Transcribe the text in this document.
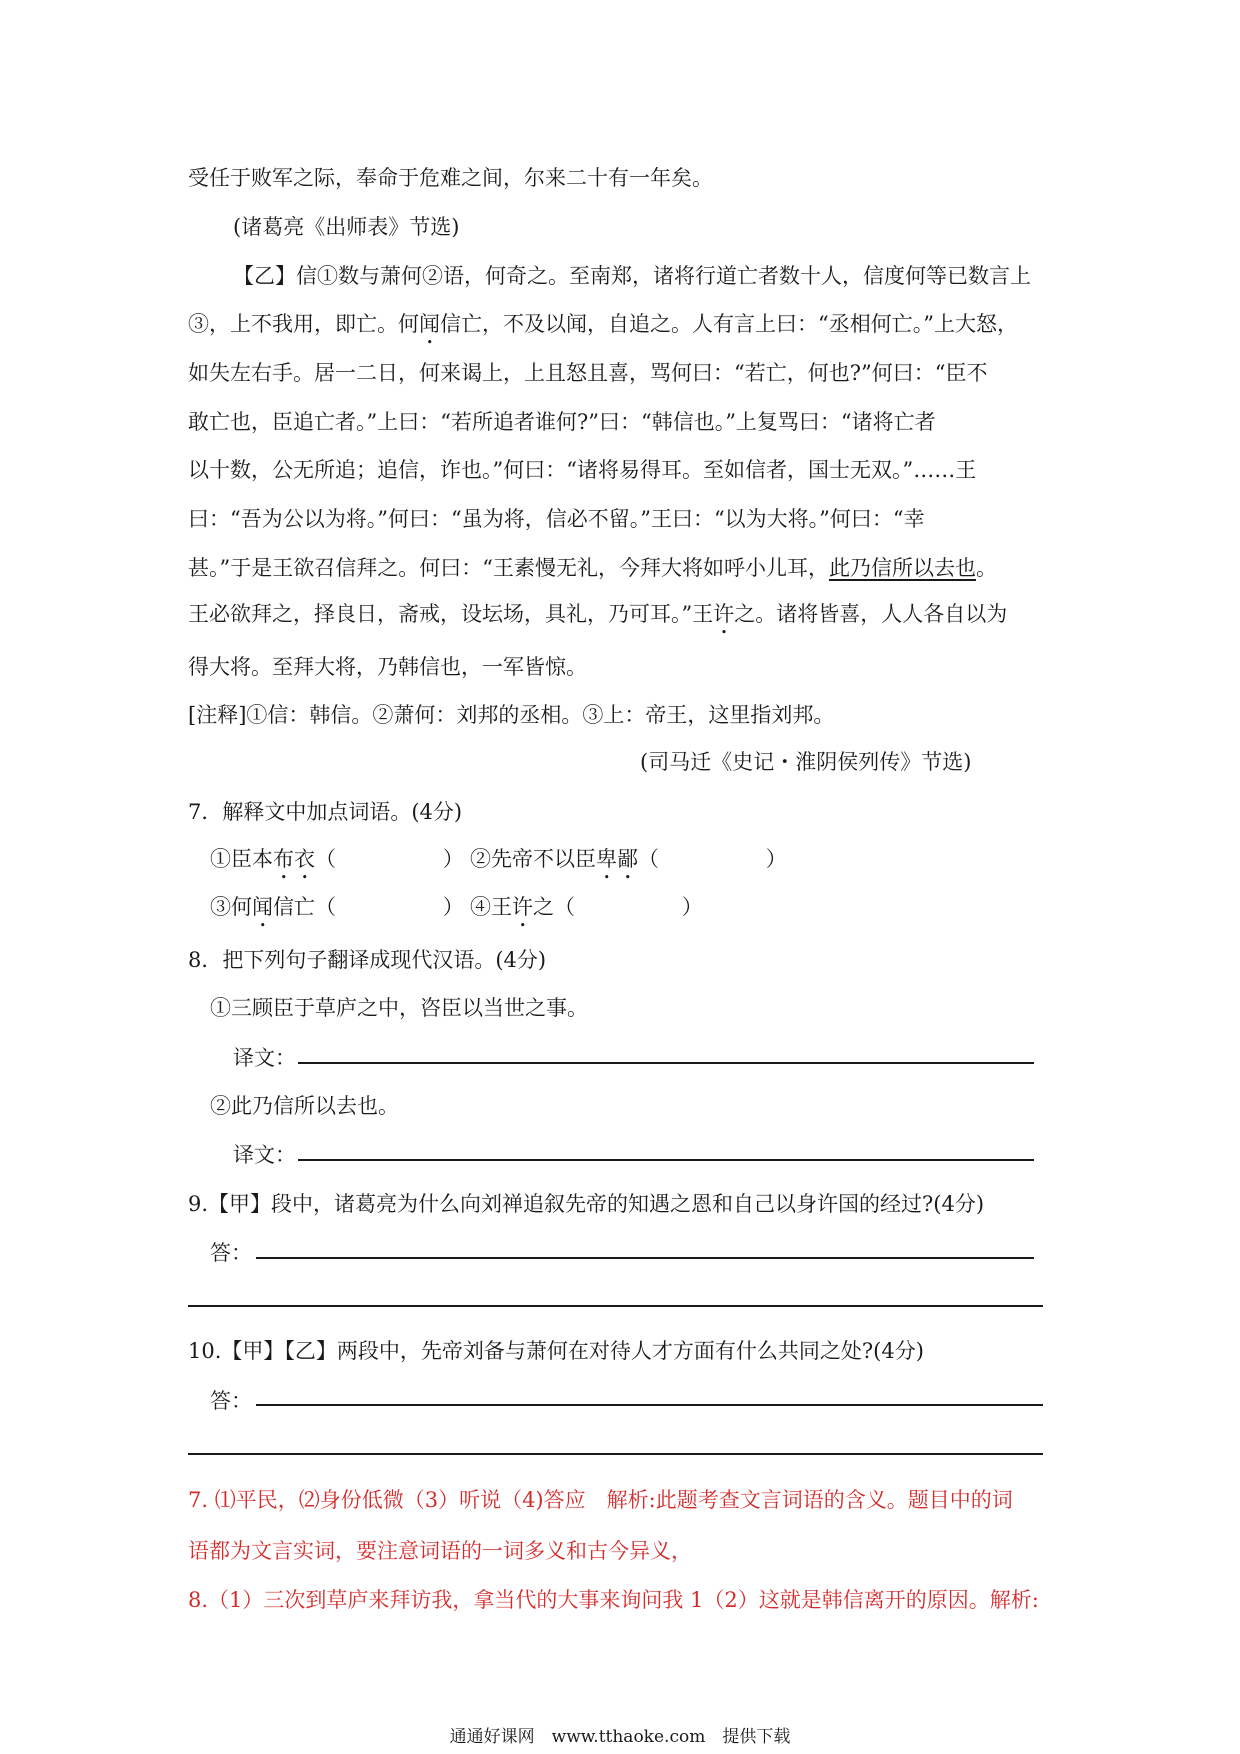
受任于败军之际，奉命于危难之间，尔来二十有一年矣。
(诸葛亮《出师表》节选)
【乙】信①数与萧何②语，何奇之。至南郑，诸将行道亡者数十人，信度何等已数言上
③，上不我用，即亡。何闻信亡，不及以闻，自追之。人有言上曰：“丞相何亡。”上大怒，
如失左右手。居一二日，何来谒上，上且怒且喜，骂何曰：“若亡，何也?”何曰：“臣不
敢亡也，臣追亡者。”上曰：“若所追者谁何?”曰：“韩信也。”上复骂曰：“诸将亡者
以十数，公无所追；追信，诈也。”何曰：“诸将易得耳。至如信者，国士无双。”……王
曰：“吾为公以为将。”何曰：“虽为将，信必不留。”王曰：“以为大将。”何曰：“幸
甚。”于是王欲召信拜之。何曰：“王素慢无礼，今拜大将如呼小儿耳，此乃信所以去也。
王必欲拜之，择良日，斋戒，设坛场，具礼，乃可耳。”王许之。诸将皆喜，人人各自以为
得大将。至拜大将，乃韩信也，一军皆惊。
[注释]①信：韩信。②萧何：刘邦的丞相。③上：帝王，这里指刘邦。
(司马迁《史记・淮阴侯列传》节选)
7．解释文中加点词语。(4分)
①臣本布衣（                ） ②先帝不以臣卑鄙（                ）
③何闻信亡（                ） ④王许之（                ）
8．把下列句子翻译成现代汉语。(4分)
①三顾臣于草庐之中，咨臣以当世之事。
译文：
②此乃信所以去也。
译文：
9.【甲】段中，诸葛亮为什么向刘禅追叙先帝的知遇之恩和自己以身许国的经过?(4分)
答：
10.【甲】【乙】两段中，先帝刘备与萧何在对待人才方面有什么共同之处?(4分)
答：
7. ⑴平民，⑵身份低微（3）听说（4)答应　解析:此题考查文言词语的含义。题目中的词
语都为文言实词，要注意词语的一词多义和古今异义，
8.（1）三次到草庐来拜访我，拿当代的大事来询问我 1（2）这就是韩信离开的原因。解析:
通通好课网　www.tthaoke.com　提供下载
